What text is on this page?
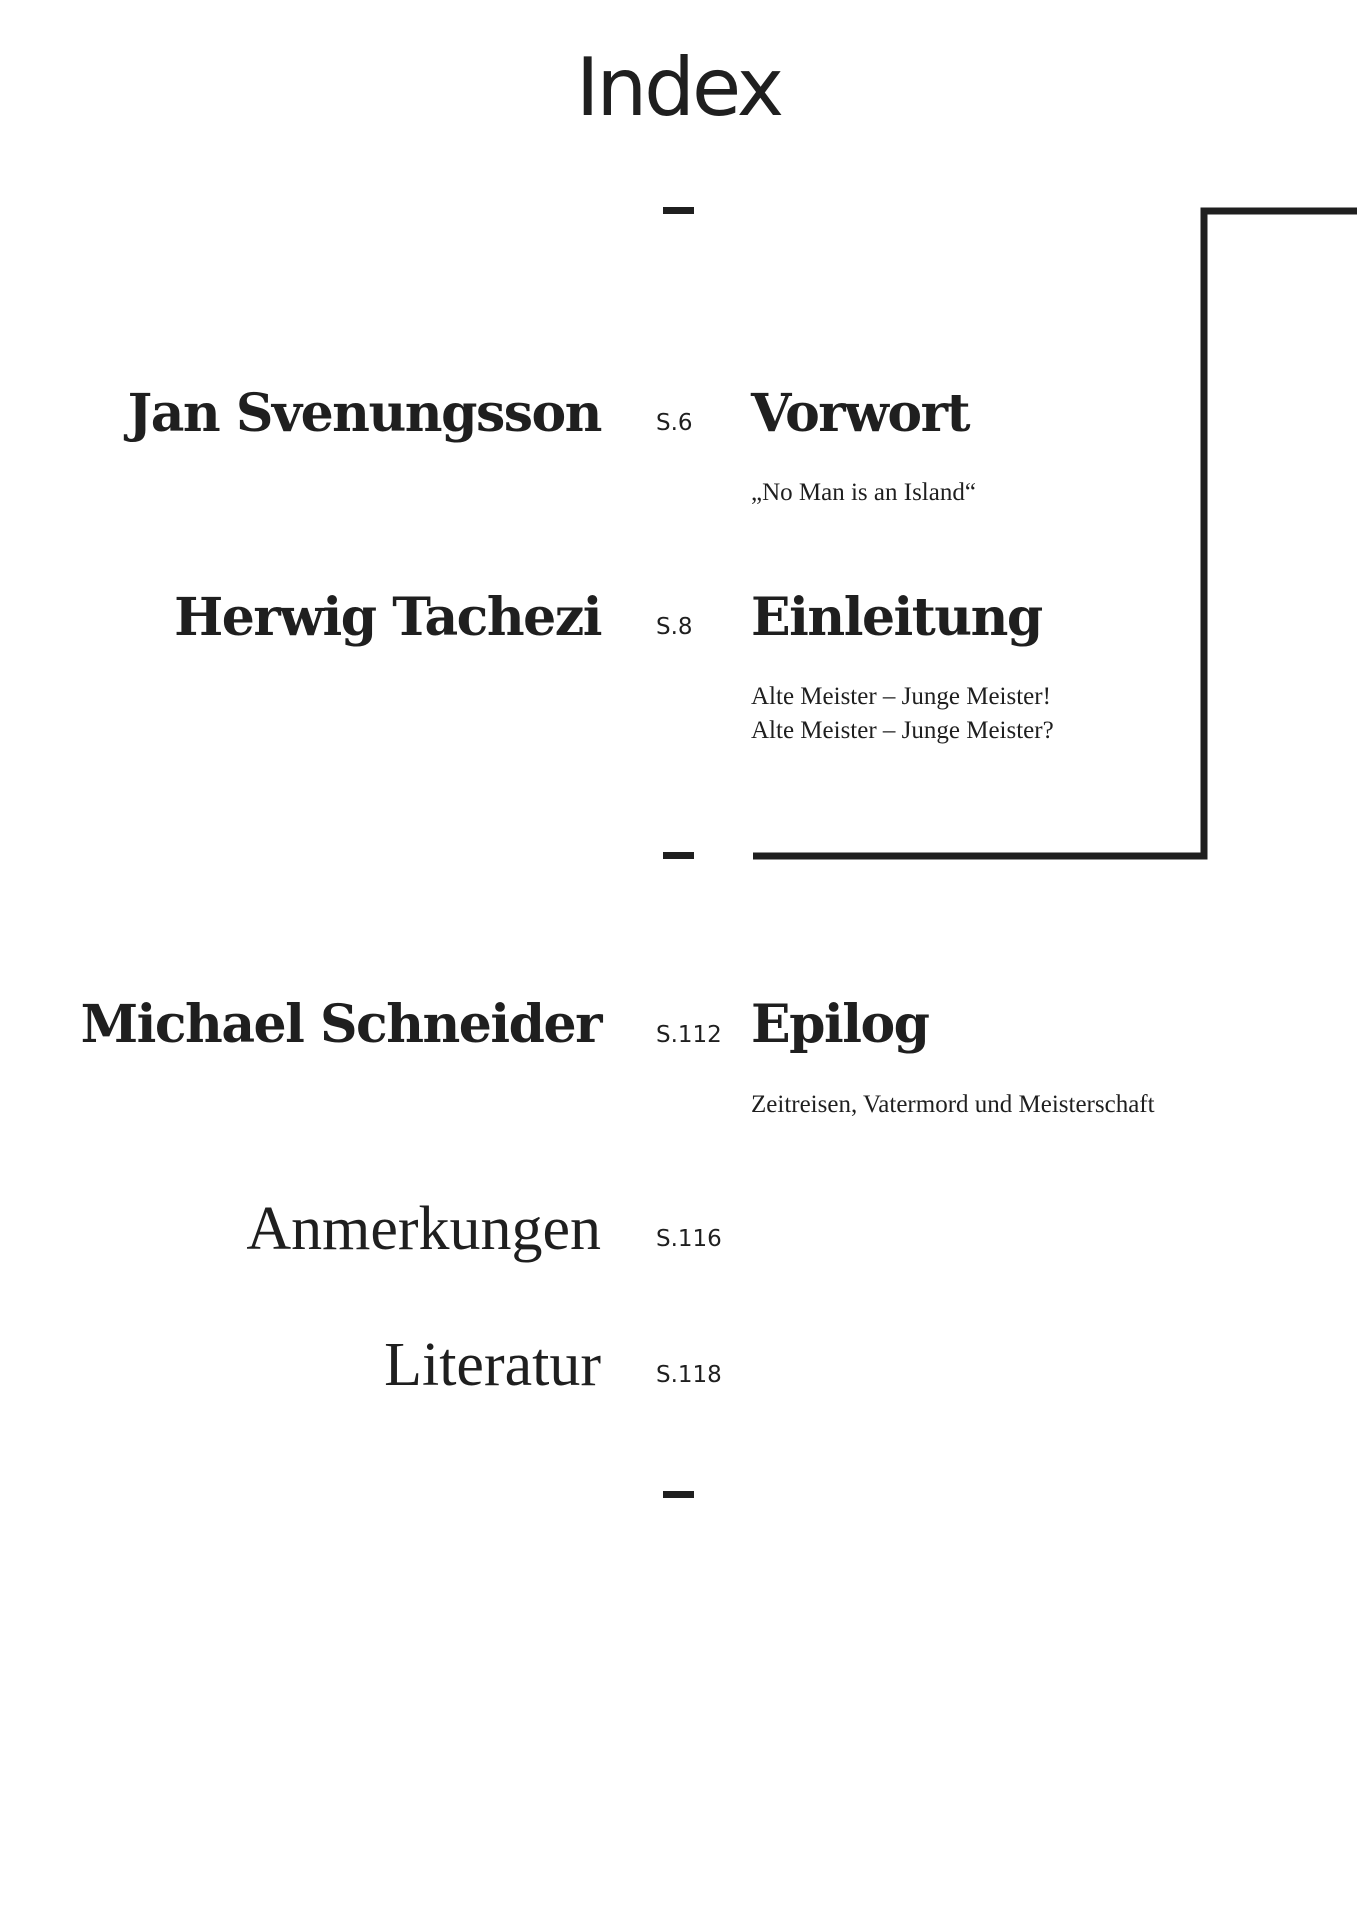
Index
Jan Svenungsson S.6 Vorwort
„No Man is an Island“
Herwig Tachezi S.8 Einleitung
Alte Meister – Junge Meister!
Alte Meister – Junge Meister?
Michael Schneider S.112 Epilog
Zeitreisen, Vatermord und Meisterschaft
Anmerkungen S.116
Literatur S.118
